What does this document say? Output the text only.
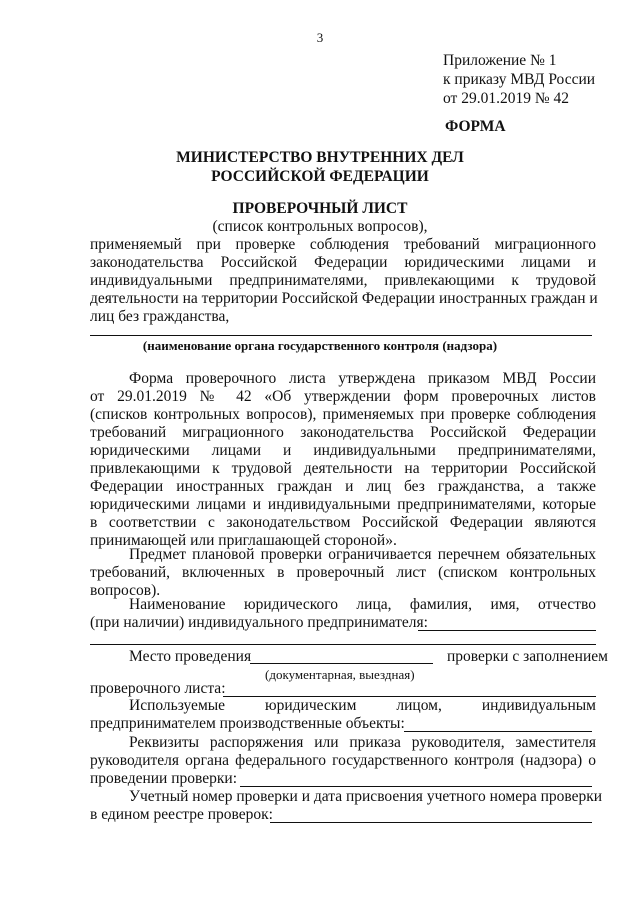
3
Приложение № 1
к приказу МВД России
от 29.01.2019 № 42
ФОРМА
МИНИСТЕРСТВО ВНУТРЕННИХ ДЕЛ
РОССИЙСКОЙ ФЕДЕРАЦИИ
ПРОВЕРОЧНЫЙ ЛИСТ
(список контрольных вопросов),
применяемый при проверке соблюдения требований миграционного
законодательства Российской Федерации юридическими лицами и
индивидуальными предпринимателями, привлекающими к трудовой
деятельности на территории Российской Федерации иностранных граждан и
лиц без гражданства,
(наименование органа государственного контроля (надзора)
Форма проверочного листа утверждена приказом МВД России
от 29.01.2019 № 42 «Об утверждении форм проверочных листов
(списков контрольных вопросов), применяемых при проверке соблюдения
требований миграционного законодательства Российской Федерации
юридическими лицами и индивидуальными предпринимателями,
привлекающими к трудовой деятельности на территории Российской
Федерации иностранных граждан и лиц без гражданства, а также
юридическими лицами и индивидуальными предпринимателями, которые
в соответствии с законодательством Российской Федерации являются
принимающей или приглашающей стороной».
Предмет плановой проверки ограничивается перечнем обязательных
требований, включенных в проверочный лист (списком контрольных
вопросов).
Наименование юридического лица, фамилия, имя, отчество
(при наличии) индивидуального предпринимателя:
Место проведения	проверки с заполнением
(документарная, выездная)
проверочного листа:
Используемые юридическим лицом, индивидуальным
предпринимателем производственные объекты:
Реквизиты распоряжения или приказа руководителя, заместителя
руководителя органа федерального государственного контроля (надзора) о
проведении проверки:
Учетный номер проверки и дата присвоения учетного номера проверки
в едином реестре проверок:
